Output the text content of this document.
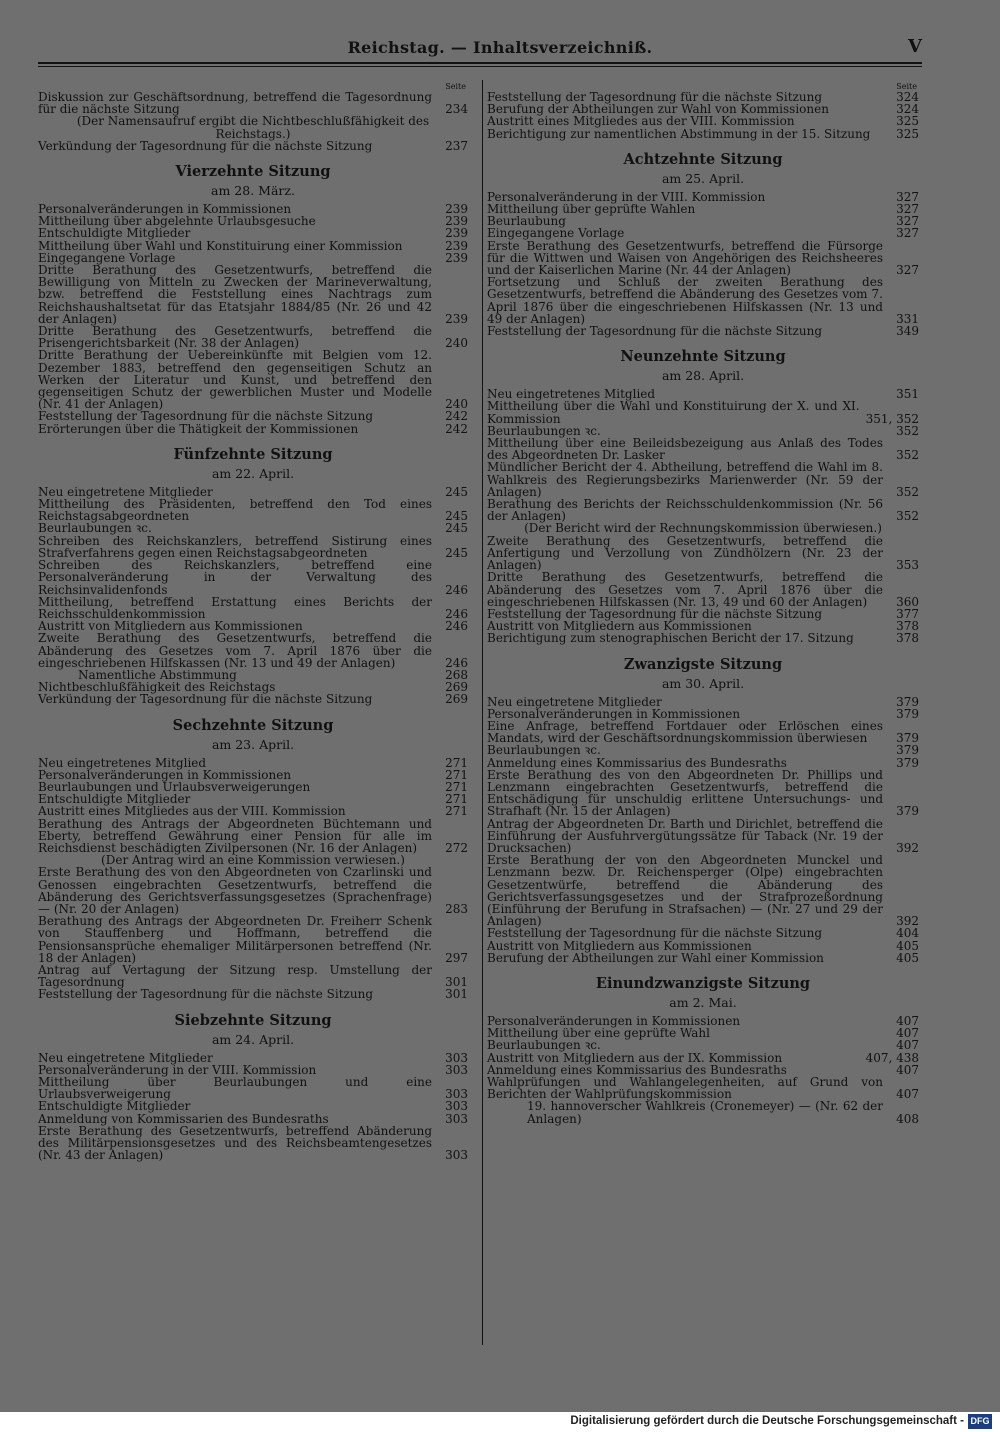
Reichstag. — Inhaltsverzeichniß.	V
Seite
Diskussion zur Geschäftsordnung, betreffend die Tagesordnung für die nächste Sitzung	234
(Der Namensaufruf ergibt die Nichtbeschlußfähigkeit des Reichstags.)
Verkündung der Tagesordnung für die nächste Sitzung	237
Vierzehnte Sitzung
am 28. März.
Personalveränderungen in Kommissionen	239
Mittheilung über abgelehnte Urlaubsgesuche	239
Entschuldigte Mitglieder	239
Mittheilung über Wahl und Konstituirung einer Kommission	239
Eingegangene Vorlage	239
Dritte Berathung des Gesetzentwurfs, betreffend die Bewilligung von Mitteln zu Zwecken der Marineverwaltung, bzw. betreffend die Feststellung eines Nachtrags zum Reichshaushaltsetat für das Etatsjahr 1884/85 (Nr. 26 und 42 der Anlagen)	239
Dritte Berathung des Gesetzentwurfs, betreffend die Prisengerichtsbarkeit (Nr. 38 der Anlagen)	240
Dritte Berathung der Uebereinkünfte mit Belgien vom 12. Dezember 1883, betreffend den gegenseitigen Schutz an Werken der Literatur und Kunst, und betreffend den gegenseitigen Schutz der gewerblichen Muster und Modelle (Nr. 41 der Anlagen)	240
Feststellung der Tagesordnung für die nächste Sitzung	242
Erörterungen über die Thätigkeit der Kommissionen	242
Fünfzehnte Sitzung
am 22. April.
Neu eingetretene Mitglieder	245
Mittheilung des Präsidenten, betreffend den Tod eines Reichstagsabgeordneten	245
Beurlaubungen ꝛc.	245
Schreiben des Reichskanzlers, betreffend Sistirung eines Strafverfahrens gegen einen Reichstagsabgeordneten	245
Schreiben des Reichskanzlers, betreffend eine Personalveränderung in der Verwaltung des Reichsinvalidenfonds	246
Mittheilung, betreffend Erstattung eines Berichts der Reichsschuldenkommission	246
Austritt von Mitgliedern aus Kommissionen	246
Zweite Berathung des Gesetzentwurfs, betreffend die Abänderung des Gesetzes vom 7. April 1876 über die eingeschriebenen Hilfskassen (Nr. 13 und 49 der Anlagen)	246
Namentliche Abstimmung	268
Nichtbeschlußfähigkeit des Reichstags	269
Verkündung der Tagesordnung für die nächste Sitzung	269
Sechzehnte Sitzung
am 23. April.
Neu eingetretenes Mitglied	271
Personalveränderungen in Kommissionen	271
Beurlaubungen und Urlaubsverweigerungen	271
Entschuldigte Mitglieder	271
Austritt eines Mitgliedes aus der VIII. Kommission	271
Berathung des Antrags der Abgeordneten Büchtemann und Eberty, betreffend Gewährung einer Pension für alle im Reichsdienst beschädigten Zivilpersonen (Nr. 16 der Anlagen)	272
(Der Antrag wird an eine Kommission verwiesen.)
Erste Berathung des von den Abgeordneten von Czarlinski und Genossen eingebrachten Gesetzentwurfs, betreffend die Abänderung des Gerichtsverfassungsgesetzes (Sprachenfrage) — (Nr. 20 der Anlagen)	283
Berathung des Antrags der Abgeordneten Dr. Freiherr Schenk von Stauffenberg und Hoffmann, betreffend die Pensionsansprüche ehemaliger Militärpersonen betreffend (Nr. 18 der Anlagen)	297
Antrag auf Vertagung der Sitzung resp. Umstellung der Tagesordnung	301
Feststellung der Tagesordnung für die nächste Sitzung	301
Siebzehnte Sitzung
am 24. April.
Neu eingetretene Mitglieder	303
Personalveränderung in der VIII. Kommission	303
Mittheilung über Beurlaubungen und eine Urlaubsverweigerung	303
Entschuldigte Mitglieder	303
Anmeldung von Kommissarien des Bundesraths	303
Erste Berathung des Gesetzentwurfs, betreffend Abänderung des Militärpensionsgesetzes und des Reichsbeamtengesetzes (Nr. 43 der Anlagen)	303
Seite
Feststellung der Tagesordnung für die nächste Sitzung	324
Berufung der Abtheilungen zur Wahl von Kommissionen	324
Austritt eines Mitgliedes aus der VIII. Kommission	325
Berichtigung zur namentlichen Abstimmung in der 15. Sitzung	325
Achtzehnte Sitzung
am 25. April.
Personalveränderung in der VIII. Kommission	327
Mittheilung über geprüfte Wahlen	327
Beurlaubung	327
Eingegangene Vorlage	327
Erste Berathung des Gesetzentwurfs, betreffend die Fürsorge für die Wittwen und Waisen von Angehörigen des Reichsheeres und der Kaiserlichen Marine (Nr. 44 der Anlagen)	327
Fortsetzung und Schluß der zweiten Berathung des Gesetzentwurfs, betreffend die Abänderung des Gesetzes vom 7. April 1876 über die eingeschriebenen Hilfskassen (Nr. 13 und 49 der Anlagen)	331
Feststellung der Tagesordnung für die nächste Sitzung	349
Neunzehnte Sitzung
am 28. April.
Neu eingetretenes Mitglied	351
Mittheilung über die Wahl und Konstituirung der X. und XI. Kommission	351, 352
Beurlaubungen ꝛc.	352
Mittheilung über eine Beileidsbezeigung aus Anlaß des Todes des Abgeordneten Dr. Lasker	352
Mündlicher Bericht der 4. Abtheilung, betreffend die Wahl im 8. Wahlkreis des Regierungsbezirks Marienwerder (Nr. 59 der Anlagen)	352
Berathung des Berichts der Reichsschuldenkommission (Nr. 56 der Anlagen)	352
(Der Bericht wird der Rechnungskommission überwiesen.)
Zweite Berathung des Gesetzentwurfs, betreffend die Anfertigung und Verzollung von Zündhölzern (Nr. 23 der Anlagen)	353
Dritte Berathung des Gesetzentwurfs, betreffend die Abänderung des Gesetzes vom 7. April 1876 über die eingeschriebenen Hilfskassen (Nr. 13, 49 und 60 der Anlagen)	360
Feststellung der Tagesordnung für die nächste Sitzung	377
Austritt von Mitgliedern aus Kommissionen	378
Berichtigung zum stenographischen Bericht der 17. Sitzung	378
Zwanzigste Sitzung
am 30. April.
Neu eingetretene Mitglieder	379
Personalveränderungen in Kommissionen	379
Eine Anfrage, betreffend Fortdauer oder Erlöschen eines Mandats, wird der Geschäftsordnungskommission überwiesen	379
Beurlaubungen ꝛc.	379
Anmeldung eines Kommissarius des Bundesraths	379
Erste Berathung des von den Abgeordneten Dr. Phillips und Lenzmann eingebrachten Gesetzentwurfs, betreffend die Entschädigung für unschuldig erlittene Untersuchungs- und Strafhaft (Nr. 15 der Anlagen)	379
Antrag der Abgeordneten Dr. Barth und Dirichlet, betreffend die Einführung der Ausfuhrvergütungssätze für Taback (Nr. 19 der Drucksachen)	392
Erste Berathung der von den Abgeordneten Munckel und Lenzmann bezw. Dr. Reichensperger (Olpe) eingebrachten Gesetzentwürfe, betreffend die Abänderung des Gerichtsverfassungsgesetzes und der Strafprozeßordnung (Einführung der Berufung in Strafsachen) — (Nr. 27 und 29 der Anlagen)	392
Feststellung der Tagesordnung für die nächste Sitzung	404
Austritt von Mitgliedern aus Kommissionen	405
Berufung der Abtheilungen zur Wahl einer Kommission	405
Einundzwanzigste Sitzung
am 2. Mai.
Personalveränderungen in Kommissionen	407
Mittheilung über eine geprüfte Wahl	407
Beurlaubungen ꝛc.	407
Austritt von Mitgliedern aus der IX. Kommission	407, 438
Anmeldung eines Kommissarius des Bundesraths	407
Wahlprüfungen und Wahlangelegenheiten, auf Grund von Berichten der Wahlprüfungskommission	407
19. hannoverscher Wahlkreis (Cronemeyer) — (Nr. 62 der Anlagen)	408
Digitalisierung gefördert durch die Deutsche Forschungsgemeinschaft - DFG
